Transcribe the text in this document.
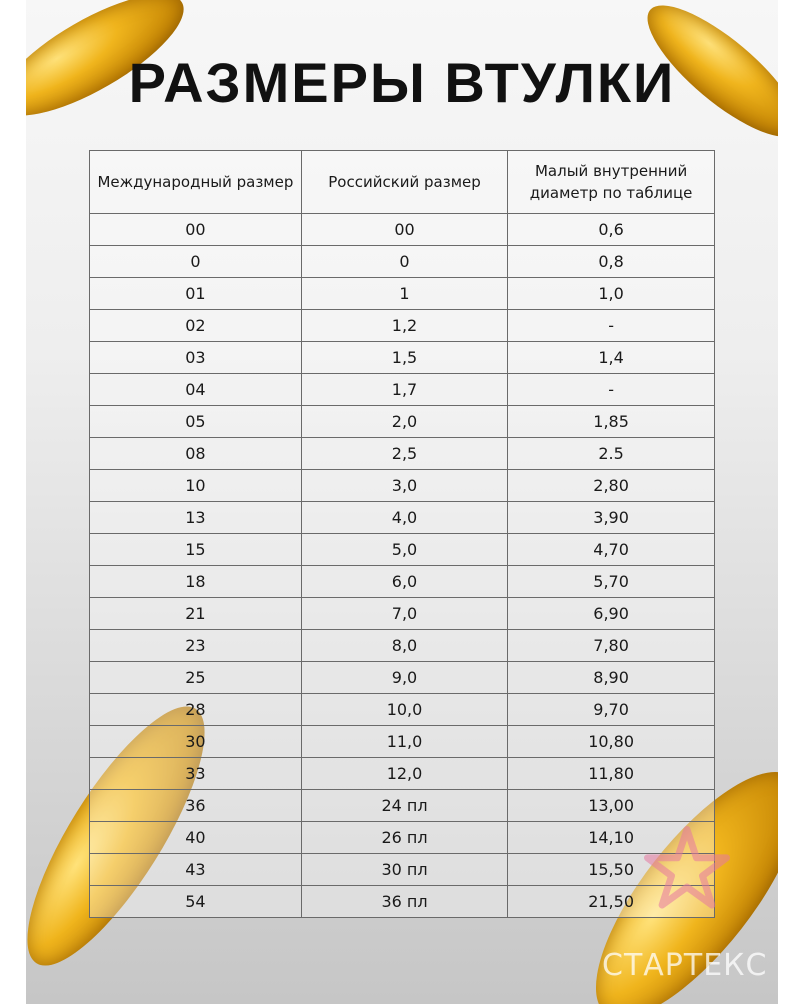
РАЗМЕРЫ ВТУЛКИ
Международный размер	Российский размер	Малый внутренний диаметр по таблице
00	00	0,6
0	0	0,8
01	1	1,0
02	1,2	-
03	1,5	1,4
04	1,7	-
05	2,0	1,85
08	2,5	2.5
10	3,0	2,80
13	4,0	3,90
15	5,0	4,70
18	6,0	5,70
21	7,0	6,90
23	8,0	7,80
25	9,0	8,90
28	10,0	9,70
30	11,0	10,80
33	12,0	11,80
36	24 пл	13,00
40	26 пл	14,10
43	30 пл	15,50
54	36 пл	21,50
СТАРТЕКС
